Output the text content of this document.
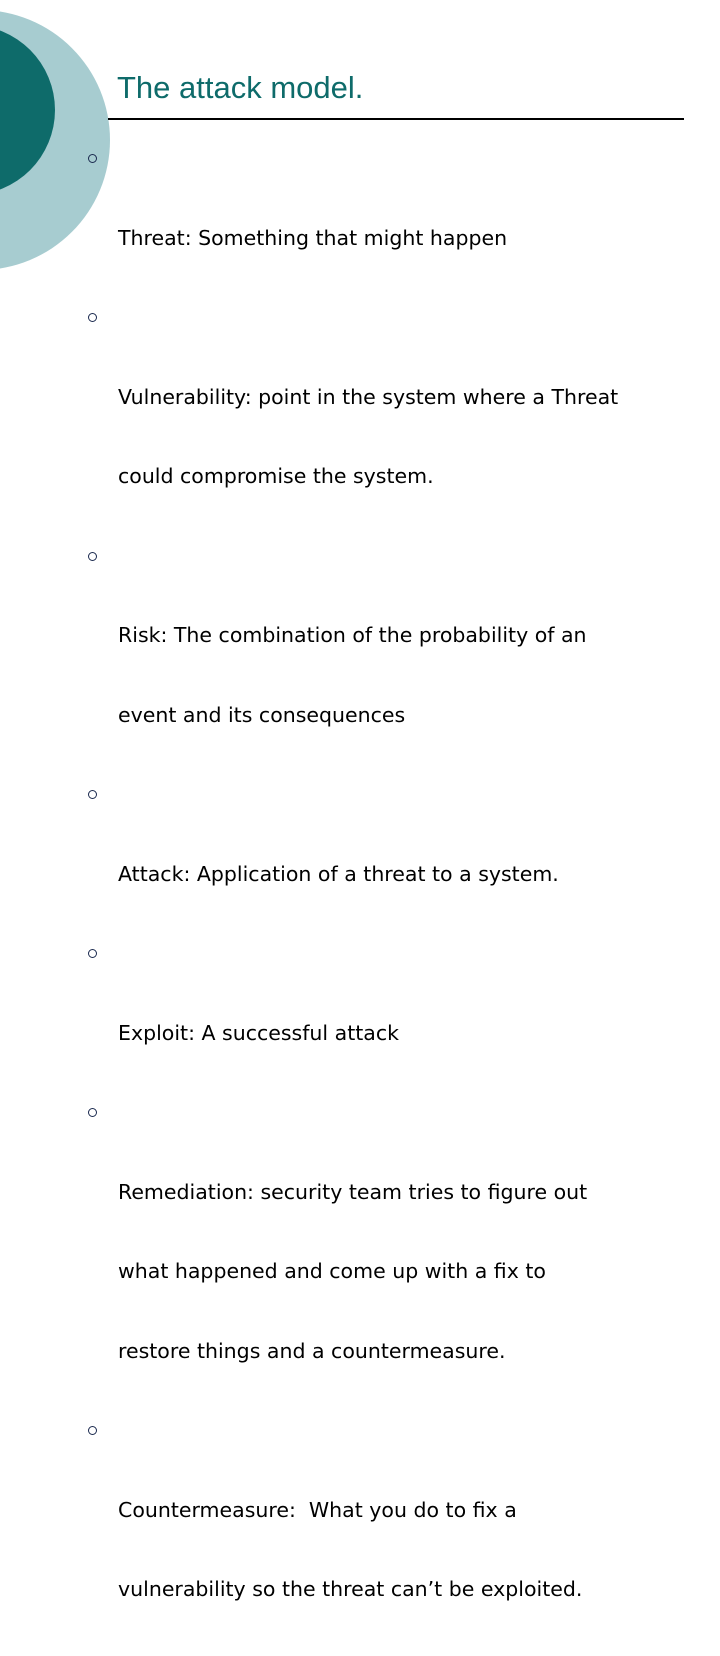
The attack model.

Threat: Something that might happen

Vulnerability: point in the system where a Threat

could compromise the system.

Risk: The combination of the probability of an

event and its consequences

Attack: Application of a threat to a system.

Exploit: A successful attack

Remediation: security team tries to figure out

what happened and come up with a fix to

restore things and a countermeasure.

Countermeasure:  What you do to fix a

vulnerability so the threat can’t be exploited.
